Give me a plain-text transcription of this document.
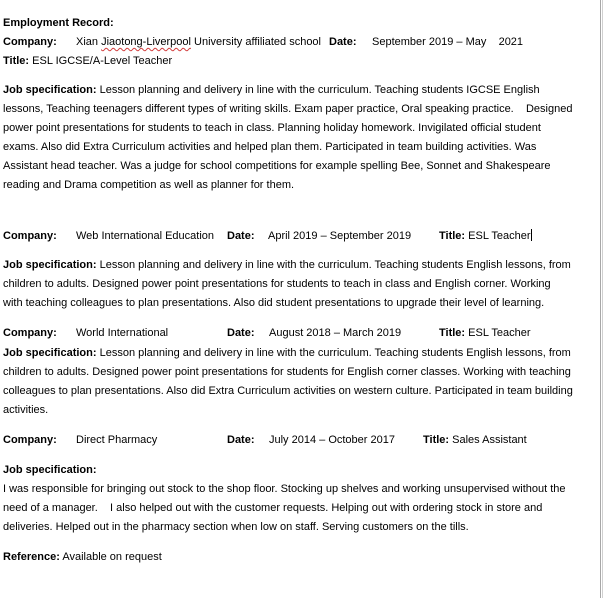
Employment Record:
Company: Xian Jiaotong-Liverpool University affiliated school Date: September 2019 – May    2021
Title: ESL IGCSE/A-Level Teacher
Job specification: Lesson planning and delivery in line with the curriculum. Teaching students IGCSE English lessons, Teaching teenagers different types of writing skills. Exam paper practice, Oral speaking practice.    Designed power point presentations for students to teach in class. Planning holiday homework. Invigilated official student exams. Also did Extra Curriculum activities and helped plan them. Participated in team building activities. Was Assistant head teacher. Was a judge for school competitions for example spelling Bee, Sonnet and Shakespeare reading and Drama competition as well as planner for them.
Company: Web International Education Date: April 2019 – September 2019	Title: ESL Teacher
Job specification: Lesson planning and delivery in line with the curriculum. Teaching students English lessons, from children to adults. Designed power point presentations for students to teach in class and English corner. Working with teaching colleagues to plan presentations. Also did student presentations to upgrade their level of learning.
Company: World International	Date: August 2018 – March 2019	Title: ESL Teacher
Job specification: Lesson planning and delivery in line with the curriculum. Teaching students English lessons, from children to adults. Designed power point presentations for students for English corner classes. Working with teaching colleagues to plan presentations. Also did Extra Curriculum activities on western culture. Participated in team building activities.
Company: Direct Pharmacy	Date: July 2014 – October 2017	Title: Sales Assistant
Job specification:
I was responsible for bringing out stock to the shop floor. Stocking up shelves and working unsupervised without the need of a manager.    I also helped out with the customer requests. Helping out with ordering stock in store and deliveries. Helped out in the pharmacy section when low on staff. Serving customers on the tills.
Reference: Available on request
